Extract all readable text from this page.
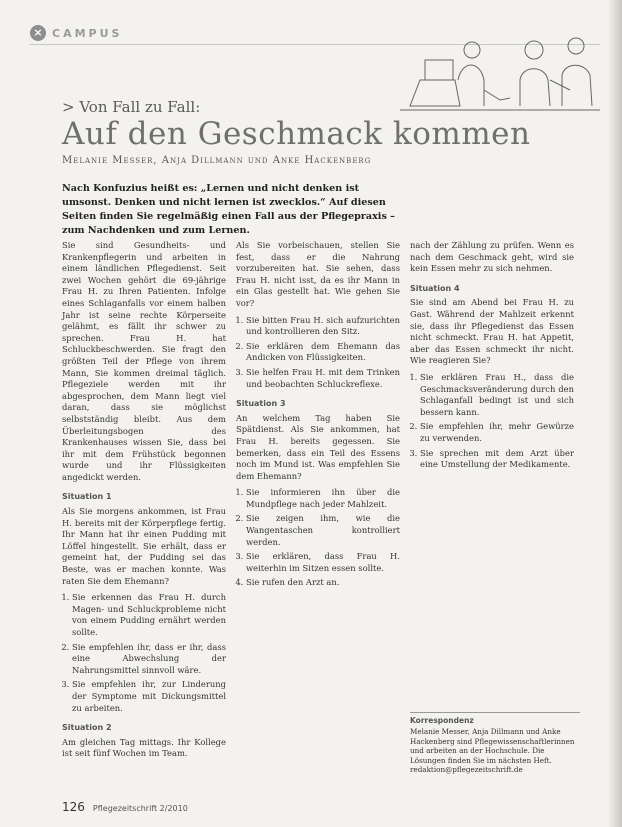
× CAMPUS
> Von Fall zu Fall:
Auf den Geschmack kommen
Melanie Messer, Anja Dillmann und Anke Hackenberg
Nach Konfuzius heißt es: „Lernen und nicht denken ist umsonst. Denken und nicht lernen ist zwecklos.“ Auf diesen Seiten finden Sie regelmäßig einen Fall aus der Pflegepraxis – zum Nachdenken und zum Lernen.

Sie sind Gesundheits- und Krankenpflegerin und arbeiten in einem ländlichen Pflegedienst. Seit zwei Wochen gehört die 69-jährige Frau H. zu Ihren Patienten. Infolge eines Schlaganfalls vor einem halben Jahr ist seine rechte Körperseite gelähmt, es fällt ihr schwer zu sprechen. Frau H. hat Schluckbeschwerden. Sie fragt den größten Teil der Pflege von ihrem Mann, Sie kommen dreimal täglich. Pflegeziele werden mit ihr abgesprochen, dem Mann liegt viel daran, dass sie möglichst selbstständig bleibt. Aus dem Überleitungsbogen des Krankenhauses wissen Sie, dass bei ihr mit dem Frühstück begonnen wurde und ihr Flüssigkeiten angedickt werden.

Situation 1

Als Sie morgens ankommen, ist Frau H. bereits mit der Körperpflege fertig. Ihr Mann hat ihr einen Pudding mit Löffel hingestellt. Sie erhält, dass er gemeint hat, der Pudding sei das Beste, was er machen konnte. Was raten Sie dem Ehemann?

1. Sie erkennen das Frau H. durch Magen- und Schluckprobleme nicht von einem Pudding ernährt werden sollte.
2. Sie empfehlen ihr, dass er ihr, dass eine Abwechslung der Nahrungsmittel sinnvoll wäre.
3. Sie empfehlen ihr, zur Linderung der Symptome mit Dickungsmittel zu arbeiten.
Situation 2

Am gleichen Tag mittags. Ihr Kollege ist seit fünf Wochen im Team.

Als Sie vorbeischauen, stellen Sie fest, dass er die Nahrung vorzubereiten hat. Sie sehen, dass Frau H. nicht isst, da es ihr Mann in ein Glas gestellt hat. Wie gehen Sie vor?

1. Sie bitten Frau H. sich aufzurichten und kontrollieren den Sitz.
2. Sie erklären dem Ehemann das Andicken von Flüssigkeiten.
3. Sie helfen Frau H. mit dem Trinken und beobachten Schluckreflexe.
Situation 3

An welchem Tag haben Sie Spätdienst. Als Sie ankommen, hat Frau H. bereits gegessen. Sie bemerken, dass ein Teil des Essens noch im Mund ist. Was empfehlen Sie dem Ehemann?

1. Sie informieren ihn über die Mundpflege nach jeder Mahlzeit.
2. Sie zeigen ihm, wie die Wangentaschen kontrolliert werden.
3. Sie erklären, dass Frau H. weiterhin im Sitzen essen sollte.
4. Sie rufen den Arzt an.

nach der Zählung zu prüfen. Wenn es nach dem Geschmack geht, wird sie kein Essen mehr zu sich nehmen.

Situation 4

Sie sind am Abend bei Frau H. zu Gast. Während der Mahlzeit erkennt sie, dass ihr Pflegedienst das Essen nicht schmeckt. Frau H. hat Appetit, aber das Essen schmeckt ihr nicht. Wie reagieren Sie?

1. Sie erklären Frau H., dass die Geschmacksveränderung durch den Schlaganfall bedingt ist und sich bessern kann.
2. Sie empfehlen ihr, mehr Gewürze zu verwenden.
3. Sie sprechen mit dem Arzt über eine Umstellung der Medikamente.
Korrespondenz
Melanie Messer, Anja Dillmann und Anke Hackenberg sind Pflegewissenschaftlerinnen und arbeiten an der Hochschule. Die Lösungen finden Sie im nächsten Heft.
redaktion@pflegezeitschrift.de
126 Pflegezeitschrift 2/2010
